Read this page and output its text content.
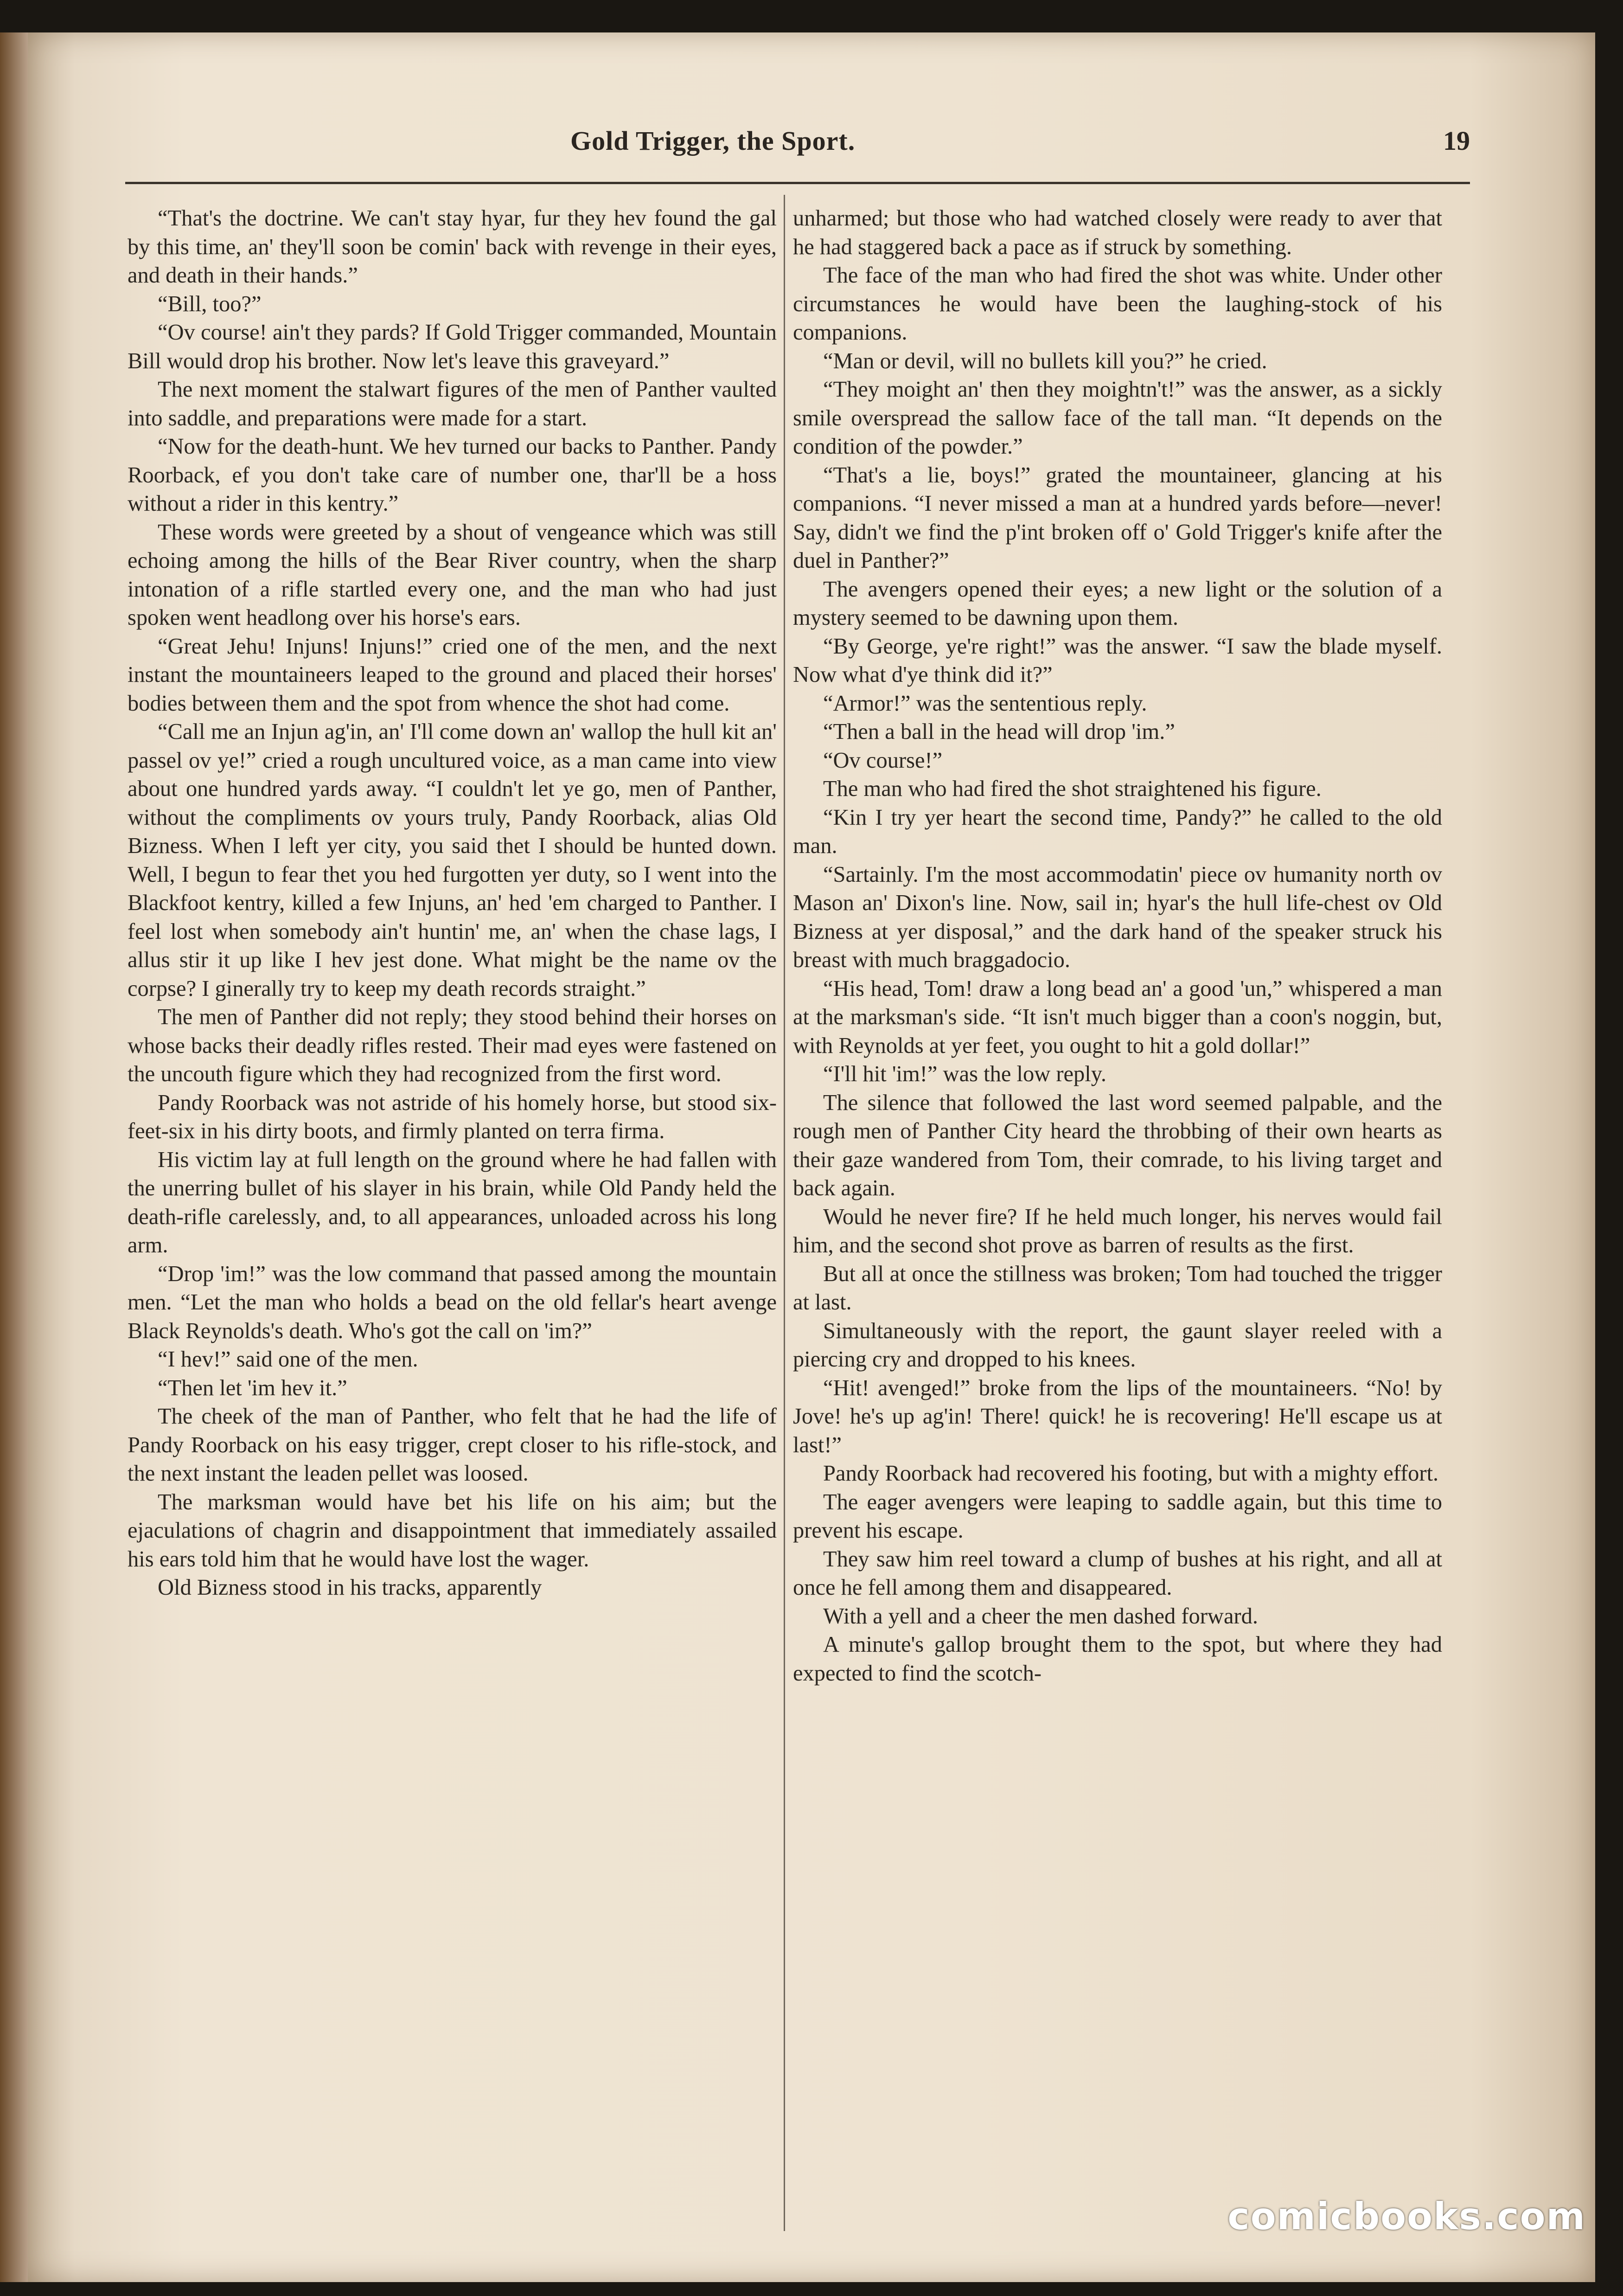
Gold Trigger, the Sport.	19

“That's the doctrine. We can't stay hyar, fur they hev found the gal by this time, an' they'll soon be comin' back with revenge in their eyes, and death in their hands.”

“Bill, too?”

“Ov course! ain't they pards? If Gold Trigger commanded, Mountain Bill would drop his brother. Now let's leave this graveyard.”

The next moment the stalwart figures of the men of Panther vaulted into saddle, and preparations were made for a start.

“Now for the death-hunt. We hev turned our backs to Panther. Pandy Roorback, ef you don't take care of number one, thar'll be a hoss without a rider in this kentry.”

These words were greeted by a shout of vengeance which was still echoing among the hills of the Bear River country, when the sharp intonation of a rifle startled every one, and the man who had just spoken went headlong over his horse's ears.

“Great Jehu! Injuns! Injuns!” cried one of the men, and the next instant the mountaineers leaped to the ground and placed their horses' bodies between them and the spot from whence the shot had come.

“Call me an Injun ag'in, an' I'll come down an' wallop the hull kit an' passel ov ye!” cried a rough uncultured voice, as a man came into view about one hundred yards away. “I couldn't let ye go, men of Panther, without the compliments ov yours truly, Pandy Roorback, alias Old Bizness. When I left yer city, you said thet I should be hunted down. Well, I begun to fear thet you hed furgotten yer duty, so I went into the Blackfoot kentry, killed a few Injuns, an' hed 'em charged to Panther. I feel lost when somebody ain't huntin' me, an' when the chase lags, I allus stir it up like I hev jest done. What might be the name ov the corpse? I ginerally try to keep my death records straight.”

The men of Panther did not reply; they stood behind their horses on whose backs their deadly rifles rested. Their mad eyes were fastened on the uncouth figure which they had recognized from the first word.

Pandy Roorback was not astride of his homely horse, but stood six-feet-six in his dirty boots, and firmly planted on terra firma.

His victim lay at full length on the ground where he had fallen with the unerring bullet of his slayer in his brain, while Old Pandy held the death-rifle carelessly, and, to all appearances, unloaded across his long arm.

“Drop 'im!” was the low command that passed among the mountain men. “Let the man who holds a bead on the old fellar's heart avenge Black Reynolds's death. Who's got the call on 'im?”

“I hev!” said one of the men.

“Then let 'im hev it.”

The cheek of the man of Panther, who felt that he had the life of Pandy Roorback on his easy trigger, crept closer to his rifle-stock, and the next instant the leaden pellet was loosed.

The marksman would have bet his life on his aim; but the ejaculations of chagrin and disappointment that immediately assailed his ears told him that he would have lost the wager.

Old Bizness stood in his tracks, apparently

unharmed; but those who had watched closely were ready to aver that he had staggered back a pace as if struck by something.

The face of the man who had fired the shot was white. Under other circumstances he would have been the laughing-stock of his companions.

“Man or devil, will no bullets kill you?” he cried.

“They moight an' then they moightn't!” was the answer, as a sickly smile overspread the sallow face of the tall man. “It depends on the condition of the powder.”

“That's a lie, boys!” grated the mountaineer, glancing at his companions. “I never missed a man at a hundred yards before—never! Say, didn't we find the p'int broken off o' Gold Trigger's knife after the duel in Panther?”

The avengers opened their eyes; a new light or the solution of a mystery seemed to be dawning upon them.

“By George, ye're right!” was the answer. “I saw the blade myself. Now what d'ye think did it?”

“Armor!” was the sententious reply.

“Then a ball in the head will drop 'im.”

“Ov course!”

The man who had fired the shot straightened his figure.

“Kin I try yer heart the second time, Pandy?” he called to the old man.

“Sartainly. I'm the most accommodatin' piece ov humanity north ov Mason an' Dixon's line. Now, sail in; hyar's the hull life-chest ov Old Bizness at yer disposal,” and the dark hand of the speaker struck his breast with much braggadocio.

“His head, Tom! draw a long bead an' a good 'un,” whispered a man at the marksman's side. “It isn't much bigger than a coon's noggin, but, with Reynolds at yer feet, you ought to hit a gold dollar!”

“I'll hit 'im!” was the low reply.

The silence that followed the last word seemed palpable, and the rough men of Panther City heard the throbbing of their own hearts as their gaze wandered from Tom, their comrade, to his living target and back again.

Would he never fire? If he held much longer, his nerves would fail him, and the second shot prove as barren of results as the first.

But all at once the stillness was broken; Tom had touched the trigger at last.

Simultaneously with the report, the gaunt slayer reeled with a piercing cry and dropped to his knees.

“Hit! avenged!” broke from the lips of the mountaineers. “No! by Jove! he's up ag'in! There! quick! he is recovering! He'll escape us at last!”

Pandy Roorback had recovered his footing, but with a mighty effort.

The eager avengers were leaping to saddle again, but this time to prevent his escape.

They saw him reel toward a clump of bushes at his right, and all at once he fell among them and disappeared.

With a yell and a cheer the men dashed forward.

A minute's gallop brought them to the spot, but where they had expected to find the scotch-

comicbooks.com
